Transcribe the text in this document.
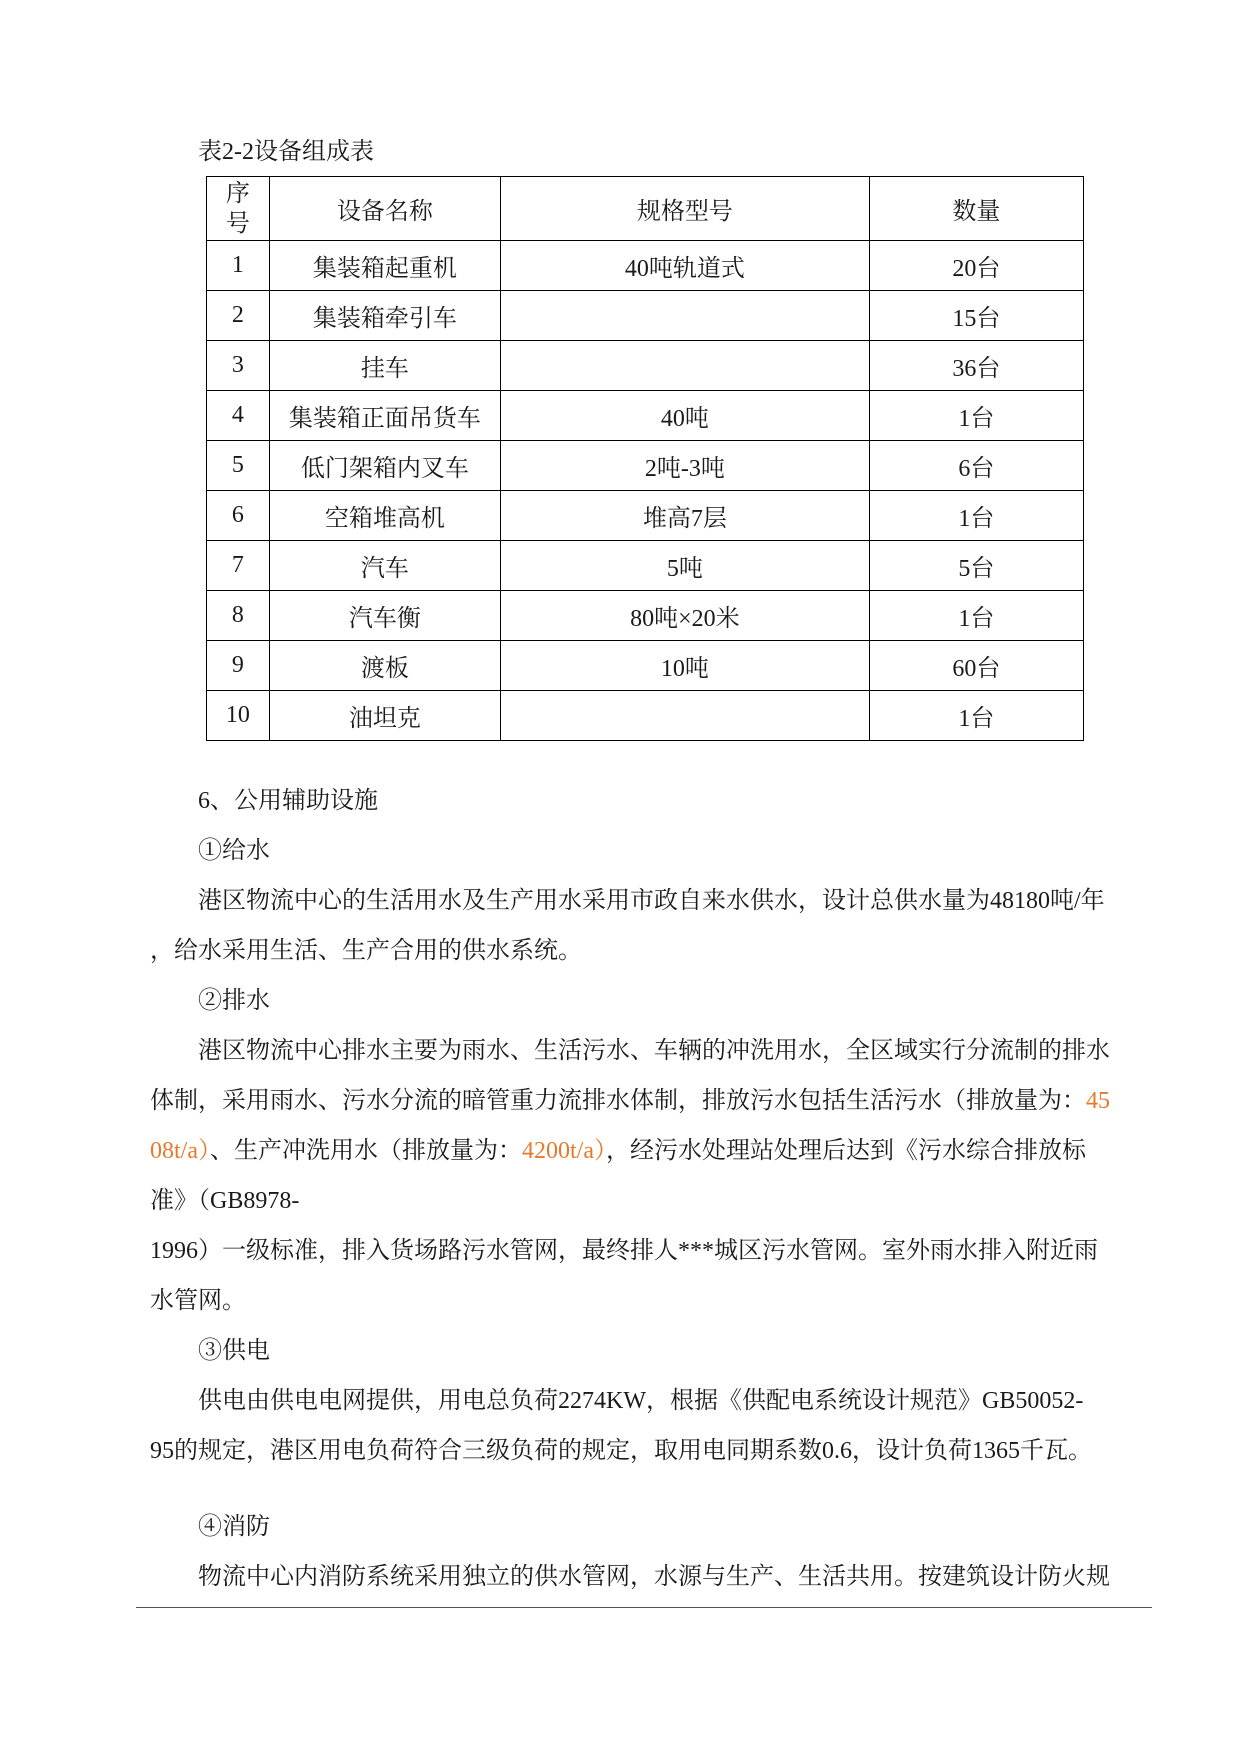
表2-2设备组成表
序号	设备名称	规格型号	数量
1	集装箱起重机	40吨轨道式	20台
2	集装箱牵引车		15台
3	挂车		36台
4	集装箱正面吊货车	40吨	1台
5	低门架箱内叉车	2吨-3吨	6台
6	空箱堆高机	堆高7层	1台
7	汽车	5吨	5台
8	汽车衡	80吨×20米	1台
9	渡板	10吨	60台
10	油坦克		1台
6、公用辅助设施
①给水
港区物流中心的生活用水及生产用水采用市政自来水供水，设计总供水量为48180吨/年
，给水采用生活、生产合用的供水系统。
②排水
港区物流中心排水主要为雨水、生活污水、车辆的冲洗用水，全区域实行分流制的排水
体制，采用雨水、污水分流的暗管重力流排水体制，排放污水包括生活污水（排放量为：45
08t/a）、生产冲洗用水（排放量为：4200t/a），经污水处理站处理后达到《污水综合排放标
准》（GB8978-
1996）一级标准，排入货场路污水管网，最终排人***城区污水管网。室外雨水排入附近雨
水管网。
③供电
供电由供电电网提供，用电总负荷2274KW，根据《供配电系统设计规范》GB50052-
95的规定，港区用电负荷符合三级负荷的规定，取用电同期系数0.6，设计负荷1365千瓦。
④消防
物流中心内消防系统采用独立的供水管网，水源与生产、生活共用。按建筑设计防火规
